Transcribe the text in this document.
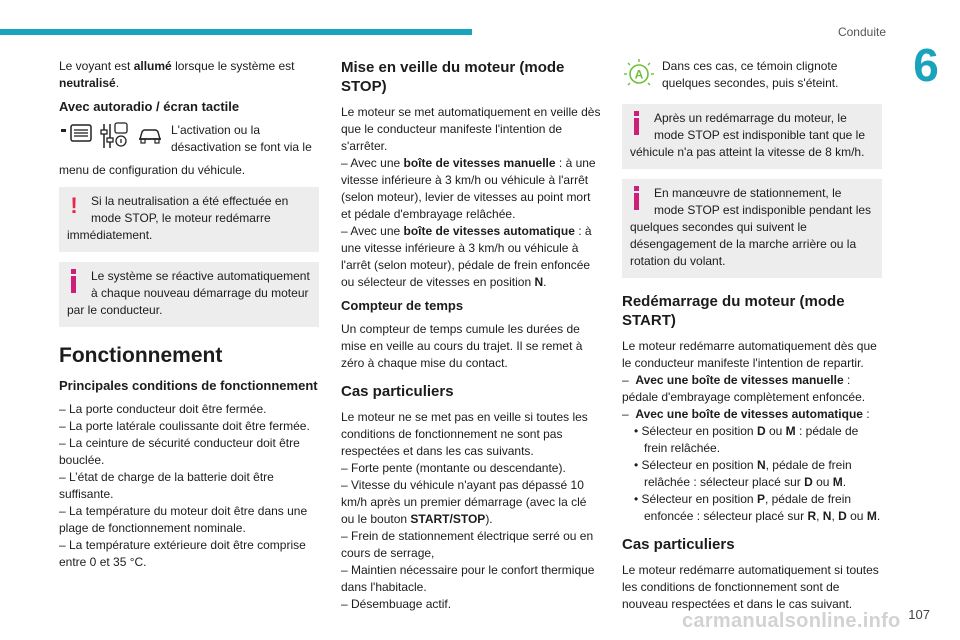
Conduite
6

Le voyant est allumé lorsque le système est neutralisé.

Avec autoradio / écran tactile
L'activation ou la désactivation se font via le

menu de configuration du véhicule.

!	Si la neutralisation a été effectuée en mode STOP, le moteur redémarre
immédiatement.
Le système se réactive automatiquement à chaque nouveau démarrage du moteur
par le conducteur.
Fonctionnement
Principales conditions de fonctionnement
– La porte conducteur doit être fermée.
– La porte latérale coulissante doit être fermée.
– La ceinture de sécurité conducteur doit être bouclée.
– L’état de charge de la batterie doit être suffisante.
– La température du moteur doit être dans une plage de fonctionnement nominale.
– La température extérieure doit être comprise entre 0 et 35 °C.
Mise en veille du moteur (mode STOP)

Le moteur se met automatiquement en veille dès que le conducteur manifeste l'intention de s'arrêter.

– Avec une boîte de vitesses manuelle : à une vitesse inférieure à 3 km/h ou véhicule à l'arrêt (selon moteur), levier de vitesses au point mort et pédale d'embrayage relâchée.

– Avec une boîte de vitesses automatique : à une vitesse inférieure à 3 km/h ou véhicule à l'arrêt (selon moteur), pédale de frein enfoncée ou sélecteur de vitesses en position N.

Compteur de temps

Un compteur de temps cumule les durées de mise en veille au cours du trajet. Il se remet à zéro à chaque mise du contact.

Cas particuliers

Le moteur ne se met pas en veille si toutes les conditions de fonctionnement ne sont pas respectées et dans les cas suivants.

– Forte pente (montante ou descendante).
– Vitesse du véhicule n'ayant pas dépassé 10 km/h après un premier démarrage (avec la clé ou le bouton START/STOP).
– Frein de stationnement électrique serré ou en cours de serrage,
– Maintien nécessaire pour le confort thermique dans l'habitacle.
– Désembuage actif.
A
Dans ces cas, ce témoin clignote quelques secondes, puis s'éteint.
Après un redémarrage du moteur, le mode STOP est indisponible tant que le
véhicule n'a pas atteint la vitesse de 8 km/h.
En manœuvre de stationnement, le mode STOP est indisponible pendant les
quelques secondes qui suivent le désengagement de la marche arrière ou la rotation du volant.
Redémarrage du moteur (mode START)

Le moteur redémarre automatiquement dès que le conducteur manifeste l'intention de repartir.

–  Avec une boîte de vitesses manuelle : pédale d'embrayage complètement enfoncée.
–  Avec une boîte de vitesses automatique :
• Sélecteur en position D ou M : pédale de frein relâchée.
• Sélecteur en position N, pédale de frein relâchée : sélecteur placé sur D ou M.
• Sélecteur en position P, pédale de frein enfoncée : sélecteur placé sur R, N, D ou M.
Cas particuliers

Le moteur redémarre automatiquement si toutes les conditions de fonctionnement sont de nouveau respectées et dans le cas suivant.

carmanualsonline.info 107
